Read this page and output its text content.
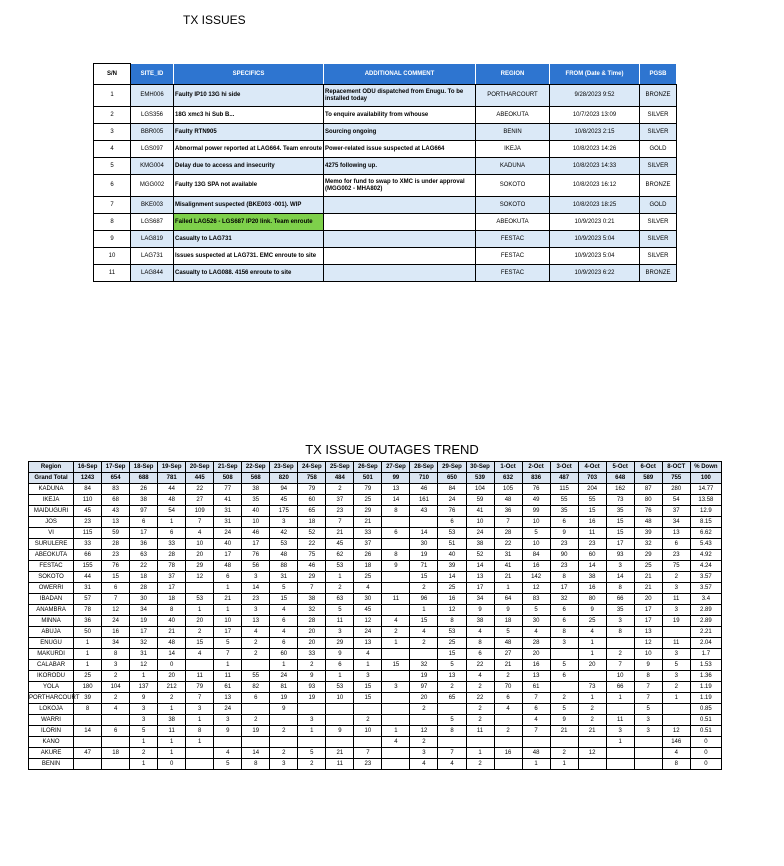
TX ISSUES
S/N	SITE_ID	SPECIFICS	ADDITIONAL COMMENT	REGION	FROM (Date & Time)	PGSB
1	EMH006	Faulty IP10 13G hi side	Repacement ODU dispatched from Enugu. To be installed today	PORTHARCOURT	9/28/2023 9:52	BRONZE
2	LGS356	18G xmc3 hi Sub B...	To enquire availability from w/house	ABEOKUTA	10/7/2023 13:09	SILVER
3	BBR005	Faulty RTN905	Sourcing ongoing	BENIN	10/8/2023 2:15	SILVER
4	LGS097	Abnormal power reported at LAG664. Team enroute	Power-related issue suspected at LAG664	IKEJA	10/8/2023 14:26	GOLD
5	KMG004	Delay due to access and insecurity	4275 following up.	KADUNA	10/8/2023 14:33	SILVER
6	MGG002	Faulty 13G SPA not available	Memo for fund to swap to XMC is under approval (MGG002 - MHA802)	SOKOTO	10/8/2023 16:12	BRONZE
7	BKE003	Misalignment suspected (BKE003 -001). WIP		SOKOTO	10/8/2023 18:25	GOLD
8	LGS687	Failed LAG526 - LGS687 IP20 link. Team enroute		ABEOKUTA	10/9/2023 0:21	SILVER
9	LAG819	Casualty to LAG731		FESTAC	10/9/2023 5:04	SILVER
10	LAG731	Issues suspected at LAG731. EMC enroute to site		FESTAC	10/9/2023 5:04	SILVER
11	LAG844	Casualty to LAG088. 4156 enroute to site		FESTAC	10/9/2023 6:22	BRONZE
TX ISSUE OUTAGES TREND
Region	16-Sep	17-Sep	18-Sep	19-Sep	20-Sep	21-Sep	22-Sep	23-Sep	24-Sep	25-Sep	26-Sep	27-Sep	28-Sep	29-Sep	30-Sep	1-Oct	2-Oct	3-Oct	4-Oct	5-Oct	6-Oct	8-OCT	% Down
Grand Total	1243	654	688	781	445	508	568	820	758	484	501	99	710	650	539	632	836	487	703	648	589	755	100
KADUNA	84	83	26	44	22	77	38	94	79	2	79	13	46	84	104	105	76	115	204	162	87	280	14.77
IKEJA	110	68	38	48	27	41	35	45	60	37	25	14	161	24	59	48	49	55	55	73	80	54	13.58
MAIDUGURI	45	43	97	54	109	31	40	175	65	23	29	8	43	76	41	36	99	35	15	35	76	37	12.9
JOS	23	13	6	1	7	31	10	3	18	7	21			6	10	7	10	6	16	15	48	34	8.15
VI	115	59	17	6	4	24	46	42	52	21	33	6	14	53	24	28	5	9	11	15	39	13	6.62
SURULERE	33	28	36	33	10	40	17	53	22	45	37		30	51	38	22	10	23	23	17	32	6	5.43
ABEOKUTA	66	23	63	28	20	17	76	48	75	62	26	8	19	40	52	31	84	90	60	93	29	23	4.92
FESTAC	155	76	22	78	29	48	56	88	46	53	18	9	71	39	14	41	16	23	14	3	25	75	4.24
SOKOTO	44	15	18	37	12	6	3	31	29	1	25		15	14	13	21	142	8	38	14	21	2	3.57
OWERRI	31	6	28	17		1	14	5	7	2	4		2	25	17	1	12	17	16	8	21	3	3.57
IBADAN	57	7	30	18	53	21	23	15	38	63	30	11	96	16	34	64	83	32	80	66	20	11	3.4
ANAMBRA	78	12	34	8	1	1	3	4	32	5	45		1	12	9	9	5	6	9	35	17	3	2.89
MINNA	36	24	19	40	20	10	13	6	28	11	12	4	15	8	38	18	30	6	25	3	17	19	2.89
ABUJA	50	16	17	21	2	17	4	4	20	3	24	2	4	53	4	5	4	8	4	8	13		2.21
ENUGU	1	34	32	48	15	5	2	6	20	29	13	1	2	25	8	48	28	3	1		12	11	2.04
MAKURDI	1	8	31	14	4	7	2	60	33	9	4			15	6	27	20		1	2	10	3	1.7
CALABAR	1	3	12	0		1		1	2	6	1	15	32	5	22	21	16	5	20	7	9	5	1.53
IKORODU	25	2	1	20	11	11	55	24	9	1	3		19	13	4	2	13	6		10	8	3	1.36
YOLA	180	104	137	212	79	61	82	81	93	53	15	3	97	2	2	70	61		73	66	7	2	1.19
PORTHARCOURT	39	2	9	2	7	13	6	19	19	10	15		20	65	22	6	7	2	1	1	7	1	1.19
LOKOJA	8	4	3	1	3	24		9					2		2	4	6	5	2		5		0.85
WARRI			3	38	1	3	2		3		2			5	2		4	9	2	11	3		0.51
ILORIN	14	6	5	11	8	9	19	2	1	9	10	1	12	8	11	2	7	21	21	3	3	12	0.51
KANO			1	1	1							4	2							1		146	0
AKURE	47	18	2	1		4	14	2	5	21	7		3	7	1	16	48	2	12			4	0
BENIN			1	0		5	8	3	2	11	23		4	4	2		1	1				8	0
